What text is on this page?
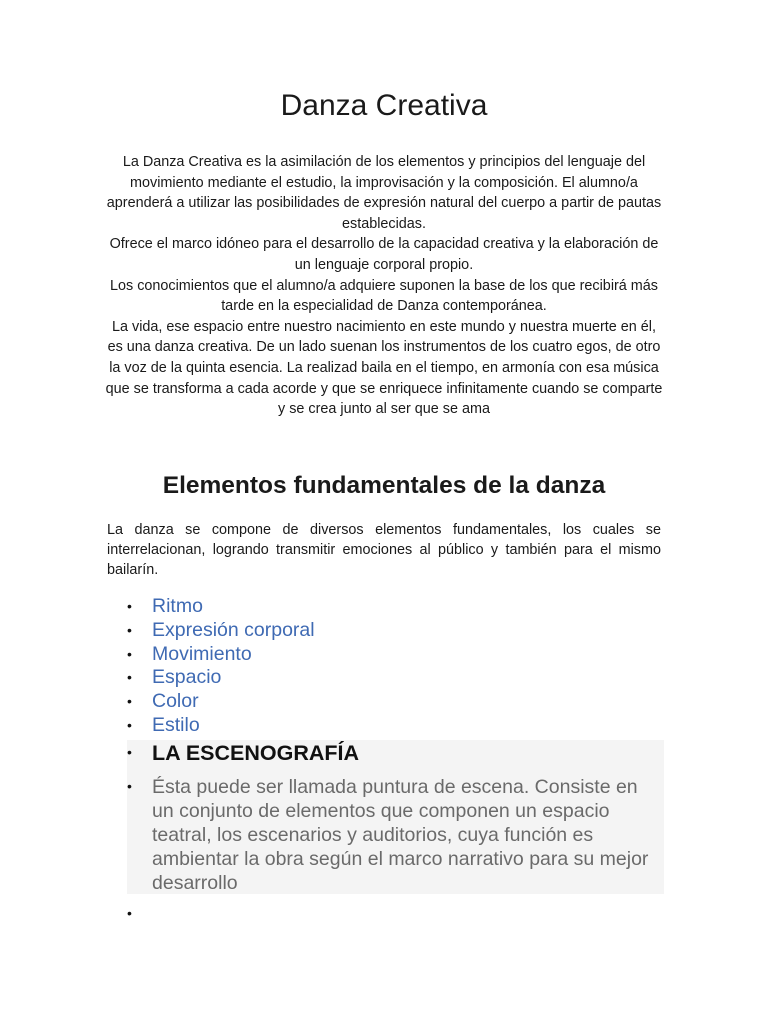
Danza Creativa

La Danza Creativa es la asimilación de los elementos y principios del lenguaje del movimiento mediante el estudio, la improvisación y la composición. El alumno/a aprenderá a utilizar las posibilidades de expresión natural del cuerpo a partir de pautas establecidas.

Ofrece el marco idóneo para el desarrollo de la capacidad creativa y la elaboración de un lenguaje corporal propio.

Los conocimientos que el alumno/a adquiere suponen la base de los que recibirá más tarde en la especialidad de Danza contemporánea.

La vida, ese espacio entre nuestro nacimiento en este mundo y nuestra muerte en él, es una danza creativa. De un lado suenan los instrumentos de los cuatro egos, de otro la voz de la quinta esencia. La realizad baila en el tiempo, en armonía con esa música que se transforma a cada acorde y que se enriquece infinitamente cuando se comparte y se crea junto al ser que se ama

Elementos fundamentales de la danza

La danza se compone de diversos elementos fundamentales, los cuales se interrelacionan, logrando transmitir emociones al público y también para el mismo bailarín.

• Ritmo
• Expresión corporal
• Movimiento
• Espacio
• Color
• Estilo
• LA ESCENOGRAFÍA
• Ésta puede ser llamada puntura de escena. Consiste en un conjunto de elementos que componen un espacio teatral, los escenarios y auditorios, cuya función es ambientar la obra según el marco narrativo para su mejor desarrollo
•
